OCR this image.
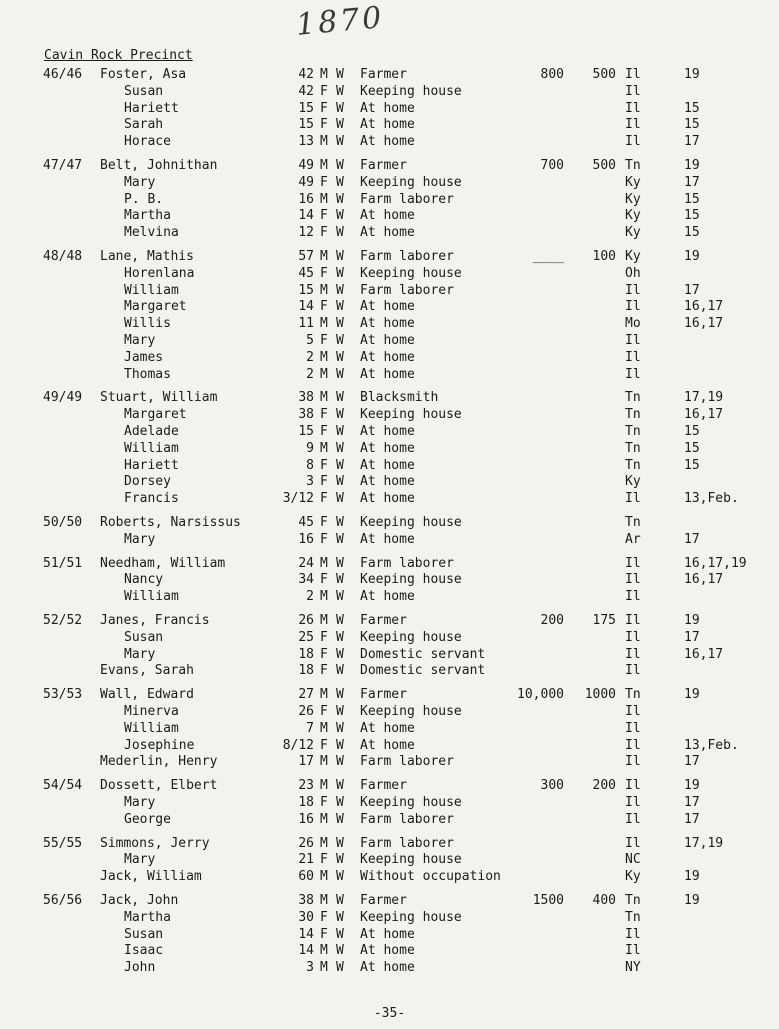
1870
Cavin Rock Precinct
46/46 Foster, Asa	42 M W Farmer	800 500 Il	19
Susan	42 F W Keeping house	Il
Hariett	15 F W At home	Il	15
Sarah	15 F W At home	Il	15
Horace	13 M W At home	Il	17
47/47 Belt, Johnithan	49 M W Farmer	700 500 Tn	19
Mary	49 F W Keeping house	Ky	17
P. B.	16 M W Farm laborer	Ky	15
Martha	14 F W At home	Ky	15
Melvina	12 F W At home	Ky	15
48/48 Lane, Mathis	57 M W Farm laborer	____ 100 Ky	19
Horenlana	45 F W Keeping house	Oh
William	15 M W Farm laborer	Il	17
Margaret	14 F W At home	Il	16,17
Willis	11 M W At home	Mo	16,17
Mary	5 F W At home	Il
James	2 M W At home	Il
Thomas	2 M W At home	Il
49/49 Stuart, William	38 M W Blacksmith	Tn	17,19
Margaret	38 F W Keeping house	Tn	16,17
Adelade	15 F W At home	Tn	15
William	9 M W At home	Tn	15
Hariett	8 F W At home	Tn	15
Dorsey	3 F W At home	Ky
Francis	3/12 F W At home	Il	13,Feb.
50/50 Roberts, Narsissus	45 F W Keeping house	Tn
Mary	16 F W At home	Ar	17
51/51 Needham, William	24 M W Farm laborer	Il	16,17,19
Nancy	34 F W Keeping house	Il	16,17
William	2 M W At home	Il
52/52 Janes, Francis	26 M W Farmer	200 175 Il	19
Susan	25 F W Keeping house	Il	17
Mary	18 F W Domestic servant	Il	16,17
Evans, Sarah	18 F W Domestic servant	Il
53/53 Wall, Edward	27 M W Farmer	10,000 1000 Tn	19
Minerva	26 F W Keeping house	Il
William	7 M W At home	Il
Josephine	8/12 F W At home	Il	13,Feb.
Mederlin, Henry	17 M W Farm laborer	Il	17
54/54 Dossett, Elbert	23 M W Farmer	300 200 Il	19
Mary	18 F W Keeping house	Il	17
George	16 M W Farm laborer	Il	17
55/55 Simmons, Jerry	26 M W Farm laborer	Il	17,19
Mary	21 F W Keeping house	NC
Jack, William	60 M W Without occupation	Ky	19
56/56 Jack, John	38 M W Farmer	1500 400 Tn	19
Martha	30 F W Keeping house	Tn
Susan	14 F W At home	Il
Isaac	14 M W At home	Il
John	3 M W At home	NY
-35-
